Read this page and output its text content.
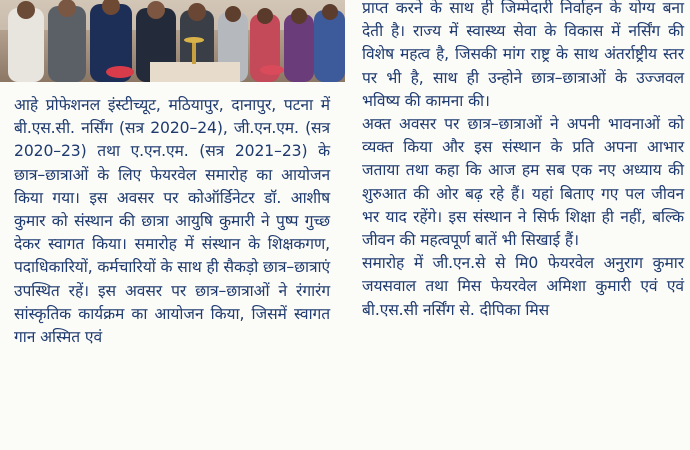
आहे प्रोफेशनल इंस्टीच्यूट, मठियापुर, दानापुर, पटना में बी.एस.सी. नर्सिंग (सत्र 2020–24), जी.एन.एम. (सत्र 2020–23) तथा ए.एन.एम. (सत्र 2021–23) के छात्र–छात्राओं के लिए फेयरवेल समारोह का आयोजन किया गया। इस अवसर पर कोऑर्डिनेटर डॉ. आशीष कुमार को संस्थान की छात्रा आयुषि कुमारी ने पुष्प गुच्छ देकर स्वागत किया। समारोह में संस्थान के शिक्षकगण, पदाधिकारियों, कर्मचारियों के साथ ही सैकड़ो छात्र–छात्राएं उपस्थित रहें। इस अवसर पर छात्र–छात्राओं ने रंगारंग सांस्कृतिक कार्यक्रम का आयोजन किया, जिसमें स्वागत गान अस्मित एवं

प्राप्त करने के साथ ही जिम्मेदारी निर्वाहन के योग्य बना देती है। राज्य में स्वास्थ्य सेवा के विकास में नर्सिंग की विशेष महत्व है, जिसकी मांग राष्ट्र के साथ अंतर्राष्ट्रीय स्तर पर भी है, साथ ही उन्होने छात्र–छात्राओं के उज्जवल भविष्य की कामना की।

अक्त अवसर पर छात्र–छात्राओं ने अपनी भावनाओं को व्यक्त किया और इस संस्थान के प्रति अपना आभार जताया तथा कहा कि आज हम सब एक नए अध्याय की शुरुआत की ओर बढ़ रहे हैं। यहां बिताए गए पल जीवन भर याद रहेंगे। इस संस्थान ने सिर्फ शिक्षा ही नहीं, बल्कि जीवन की महत्वपूर्ण बातें भी सिखाई हैं।

समारोह में जी.एन.से से मि0 फेयरवेल अनुराग कुमार जयसवाल तथा मिस फेयरवेल अमिशा कुमारी एवं एवं बी.एस.सी नर्सिंग से. दीपिका मिस
